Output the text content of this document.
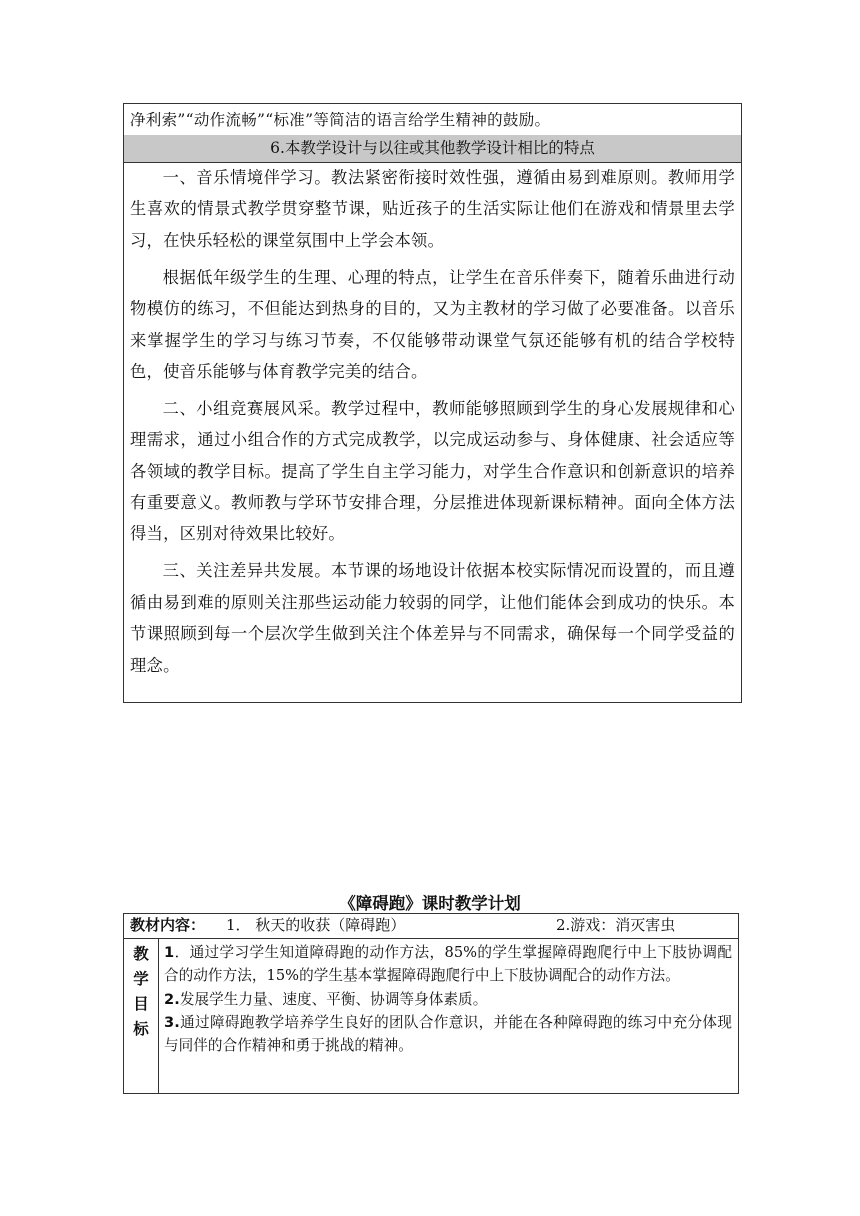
净利索”“动作流畅”“标准”等简洁的语言给学生精神的鼓励。
6.本教学设计与以往或其他教学设计相比的特点

一、音乐情境伴学习。教法紧密衔接时效性强，遵循由易到难原则。教师用学生喜欢的情景式教学贯穿整节课，贴近孩子的生活实际让他们在游戏和情景里去学习，在快乐轻松的课堂氛围中上学会本领。

根据低年级学生的生理、心理的特点，让学生在音乐伴奏下，随着乐曲进行动物模仿的练习，不但能达到热身的目的，又为主教材的学习做了必要准备。以音乐来掌握学生的学习与练习节奏，不仅能够带动课堂气氛还能够有机的结合学校特色，使音乐能够与体育教学完美的结合。

二、小组竞赛展风采。教学过程中，教师能够照顾到学生的身心发展规律和心理需求，通过小组合作的方式完成教学，以完成运动参与、身体健康、社会适应等各领域的教学目标。提高了学生自主学习能力，对学生合作意识和创新意识的培养有重要意义。教师教与学环节安排合理，分层推进体现新课标精神。面向全体方法得当，区别对待效果比较好。

三、关注差异共发展。本节课的场地设计依据本校实际情况而设置的，而且遵循由易到难的原则关注那些运动能力较弱的同学，让他们能体会到成功的快乐。本节课照顾到每一个层次学生做到关注个体差异与不同需求，确保每一个同学受益的理念。

《障碍跑》课时教学计划
教材内容： 1． 秋天的收获（障碍跑）	2.游戏：消灭害虫
教
学
目
标

1．通过学习学生知道障碍跑的动作方法，85%的学生掌握障碍跑爬行中上下肢协调配合的动作方法，15%的学生基本掌握障碍跑爬行中上下肢协调配合的动作方法。

2.发展学生力量、速度、平衡、协调等身体素质。

3.通过障碍跑教学培养学生良好的团队合作意识，并能在各种障碍跑的练习中充分体现与同伴的合作精神和勇于挑战的精神。
